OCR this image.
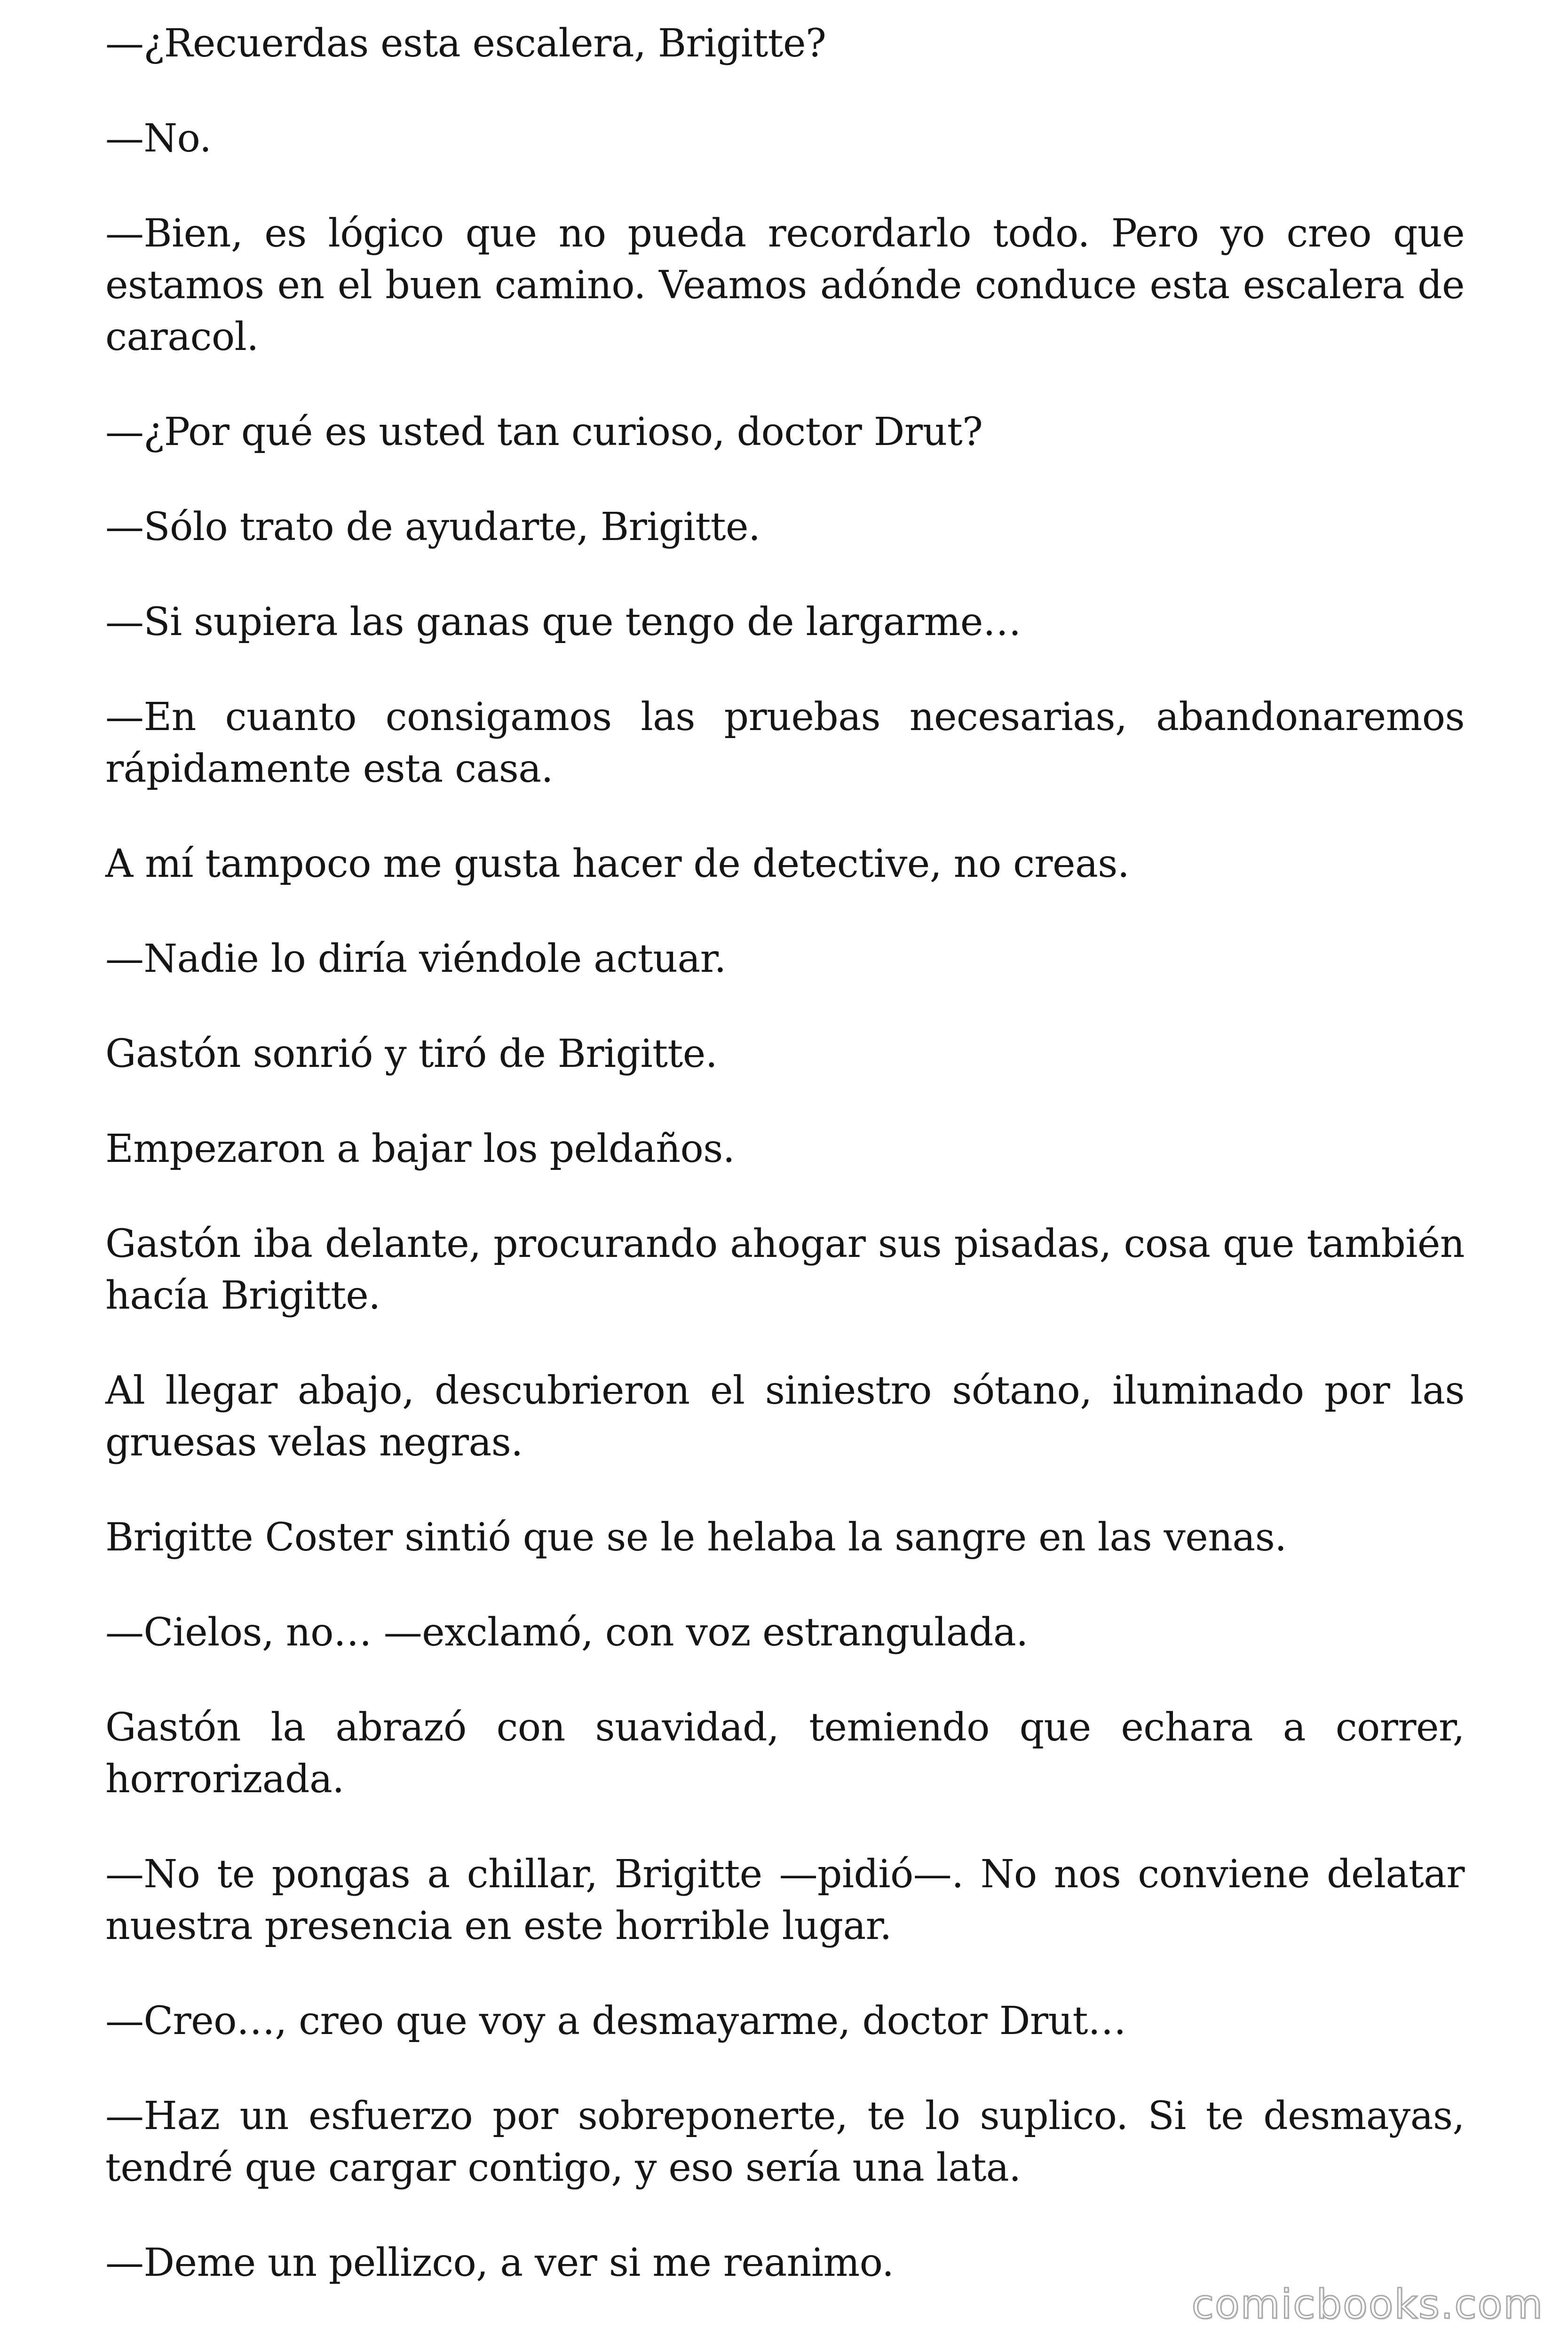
—¿Recuerdas esta escalera, Brigitte?

—No.

—Bien, es lógico que no pueda recordarlo todo. Pero yo creo que estamos en el buen camino. Veamos adónde conduce esta escalera de caracol.

—¿Por qué es usted tan curioso, doctor Drut?

—Sólo trato de ayudarte, Brigitte.

—Si supiera las ganas que tengo de largarme…

—En cuanto consigamos las pruebas necesarias, abandonaremos rápidamente esta casa.

A mí tampoco me gusta hacer de detective, no creas.

—Nadie lo diría viéndole actuar.

Gastón sonrió y tiró de Brigitte.

Empezaron a bajar los peldaños.

Gastón iba delante, procurando ahogar sus pisadas, cosa que también hacía Brigitte.

Al llegar abajo, descubrieron el siniestro sótano, iluminado por las gruesas velas negras.

Brigitte Coster sintió que se le helaba la sangre en las venas.

—Cielos, no… —exclamó, con voz estrangulada.

Gastón la abrazó con suavidad, temiendo que echara a correr, horrorizada.

—No te pongas a chillar, Brigitte —pidió—. No nos conviene delatar nuestra presencia en este horrible lugar.

—Creo…, creo que voy a desmayarme, doctor Drut…

—Haz un esfuerzo por sobreponerte, te lo suplico. Si te desmayas, tendré que cargar contigo, y eso sería una lata.

—Deme un pellizco, a ver si me reanimo.

comicbooks.com
